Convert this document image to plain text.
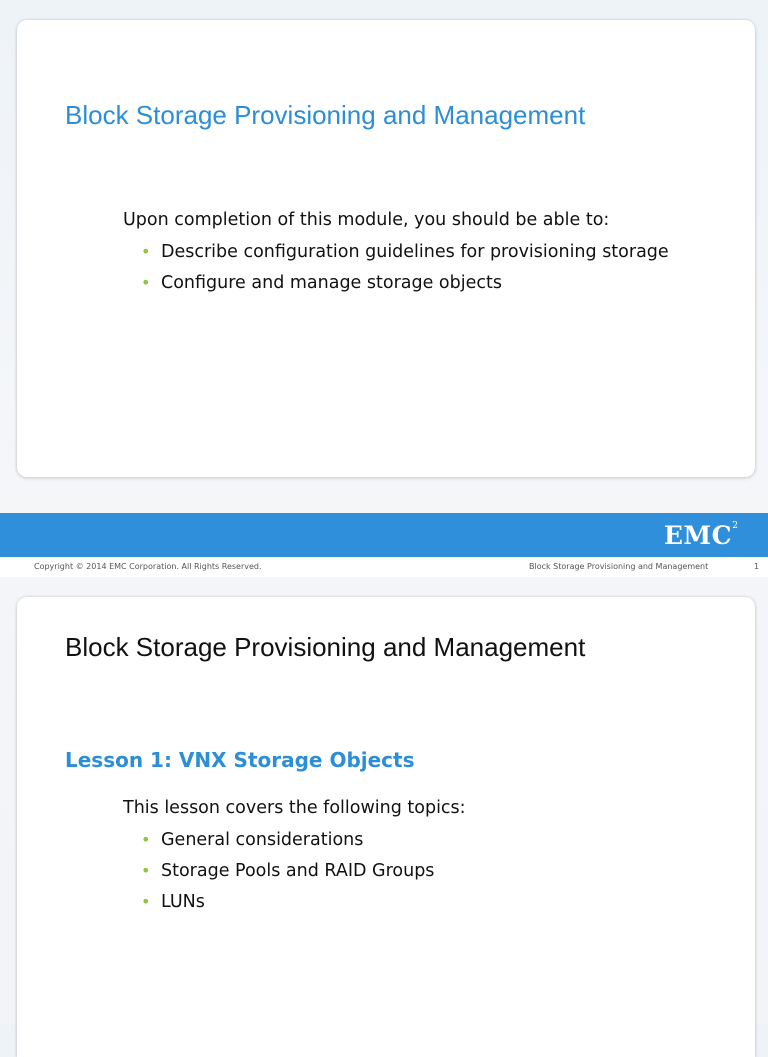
Block Storage Provisioning and Management

Upon completion of this module, you should be able to:

• Describe configuration guidelines for provisioning storage
• Configure and manage storage objects
EMC 2
Copyright © 2014 EMC Corporation. All Rights Reserved.	Block Storage Provisioning and Management	1
Block Storage Provisioning and Management
Lesson 1: VNX Storage Objects

This lesson covers the following topics:

• General considerations
• Storage Pools and RAID Groups
• LUNs
